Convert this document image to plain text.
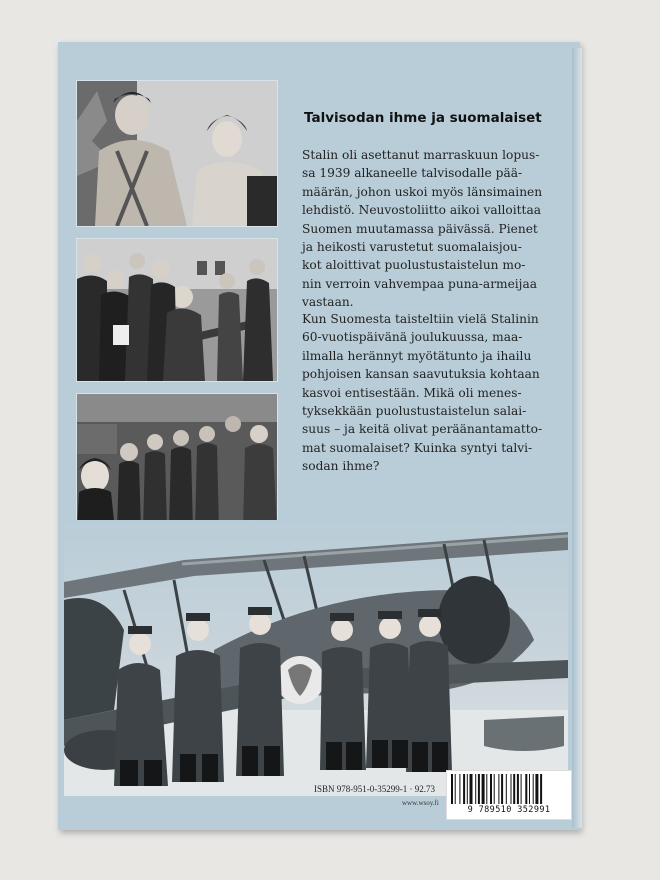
Talvisodan ihme ja suomalaiset
Stalin oli asettanut marraskuun lopus-
sa 1939 alkaneelle talvisodalle pää-
määrän, johon uskoi myös länsimainen
lehdistö. Neuvostoliitto aikoi valloittaa
Suomen muutamassa päivässä. Pienet
ja heikosti varustetut suomalaisjou-
kot aloittivat puolustustaistelun mo-
nin verroin vahvempaa puna-armeijaa
vastaan.
Kun Suomesta taisteltiin vielä Stalinin
60-vuotispäivänä joulukuussa, maa-
ilmalla herännyt myötätunto ja ihailu
pohjoisen kansan saavutuksia kohtaan
kasvoi entisestään. Mikä oli menes-
tyksekkään puolustustaistelun salai-
suus – ja keitä olivat peräänantamatto-
mat suomalaiset? Kuinka syntyi talvi-
sodan ihme?
ISBN 978-951-0-35299-1 · 92.73
www.wsoy.fi
9 789510 352991
